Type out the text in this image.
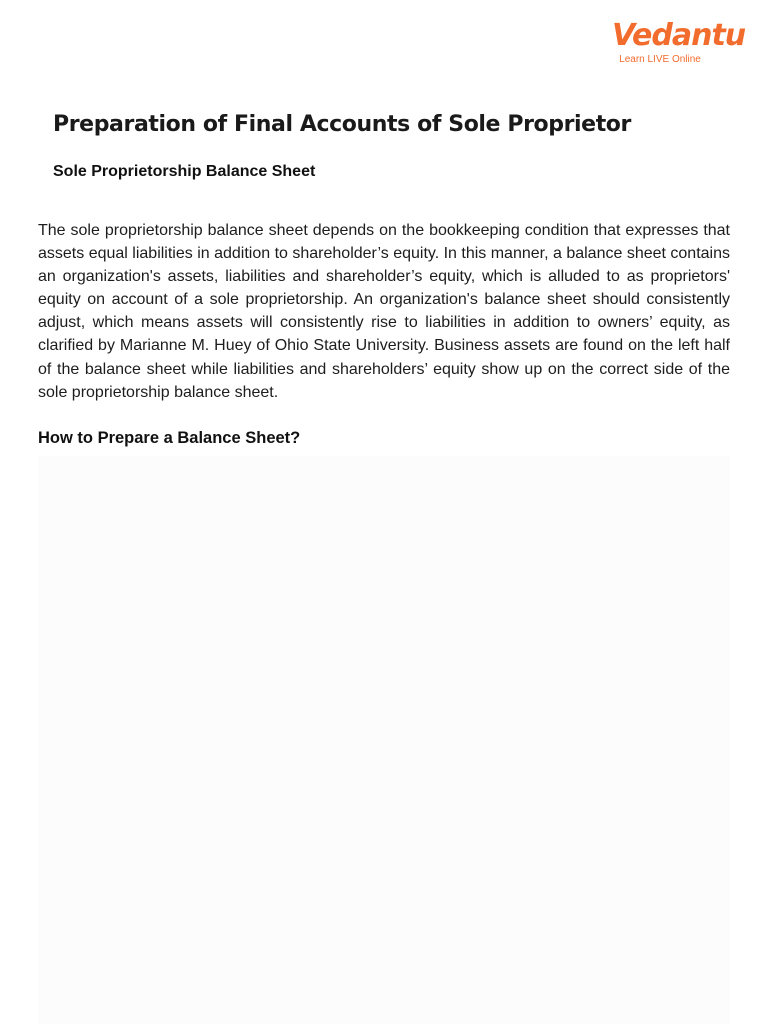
Vedantu
Learn LIVE Online
Preparation of Final Accounts of Sole Proprietor
Sole Proprietorship Balance Sheet

The sole proprietorship balance sheet depends on the bookkeeping condition that expresses that assets equal liabilities in addition to shareholder’s equity. In this manner, a balance sheet contains an organization's assets, liabilities and shareholder’s equity, which is alluded to as proprietors' equity on account of a sole proprietorship. An organization's balance sheet should consistently adjust, which means assets will consistently rise to liabilities in addition to owners’ equity, as clarified by Marianne M. Huey of Ohio State University. Business assets are found on the left half of the balance sheet while liabilities and shareholders’ equity show up on the correct side of the sole proprietorship balance sheet.

How to Prepare a Balance Sheet?
